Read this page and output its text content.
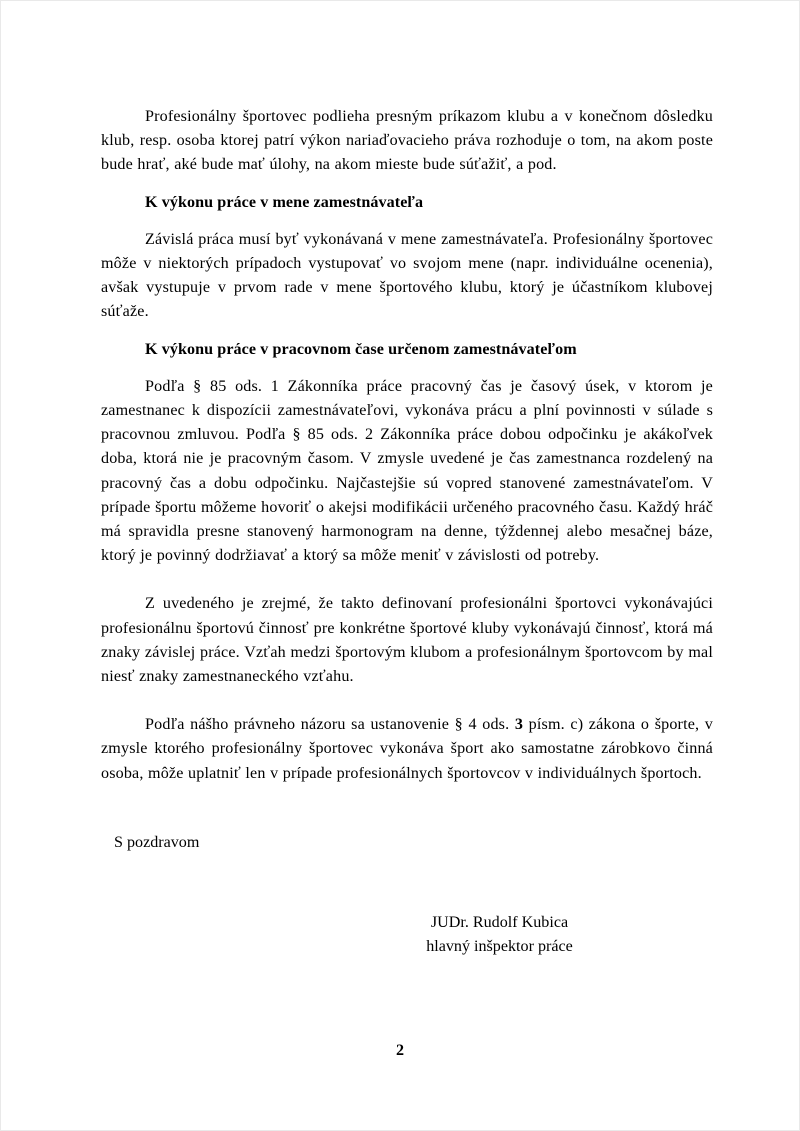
Profesionálny športovec podlieha presným príkazom klubu a v konečnom dôsledku klub, resp. osoba ktorej patrí výkon nariaďovacieho práva rozhoduje o tom, na akom poste bude hrať, aké bude mať úlohy, na akom mieste bude súťažiť, a pod.

K výkonu práce v mene zamestnávateľa

Závislá práca musí byť vykonávaná v mene zamestnávateľa. Profesionálny športovec môže v niektorých prípadoch vystupovať vo svojom mene (napr. individuálne ocenenia), avšak vystupuje v prvom rade v mene športového klubu, ktorý je účastníkom klubovej súťaže.

K výkonu práce v pracovnom čase určenom zamestnávateľom

Podľa § 85 ods. 1 Zákonníka práce pracovný čas je časový úsek, v ktorom je zamestnanec k dispozícii zamestnávateľovi, vykonáva prácu a plní povinnosti v súlade s pracovnou zmluvou. Podľa § 85 ods. 2 Zákonníka práce dobou odpočinku je akákoľvek doba, ktorá nie je pracovným časom. V zmysle uvedené je čas zamestnanca rozdelený na pracovný čas a dobu odpočinku. Najčastejšie sú vopred stanovené zamestnávateľom. V prípade športu môžeme hovoriť o akejsi modifikácii určeného pracovného času. Každý hráč má spravidla presne stanovený harmonogram na denne, týždennej alebo mesačnej báze, ktorý je povinný dodržiavať a ktorý sa môže meniť v závislosti od potreby.

Z uvedeného je zrejmé, že takto definovaní profesionálni športovci vykonávajúci profesionálnu športovú činnosť pre konkrétne športové kluby vykonávajú činnosť, ktorá má znaky závislej práce. Vzťah medzi športovým klubom a profesionálnym športovcom by mal niesť znaky zamestnaneckého vzťahu.

Podľa nášho právneho názoru sa ustanovenie § 4 ods. 3 písm. c) zákona o športe, v zmysle ktorého profesionálny športovec vykonáva šport ako samostatne zárobkovo činná osoba, môže uplatniť len v prípade profesionálnych športovcov v individuálnych športoch.

S pozdravom

JUDr. Rudolf Kubica
hlavný inšpektor práce
2
